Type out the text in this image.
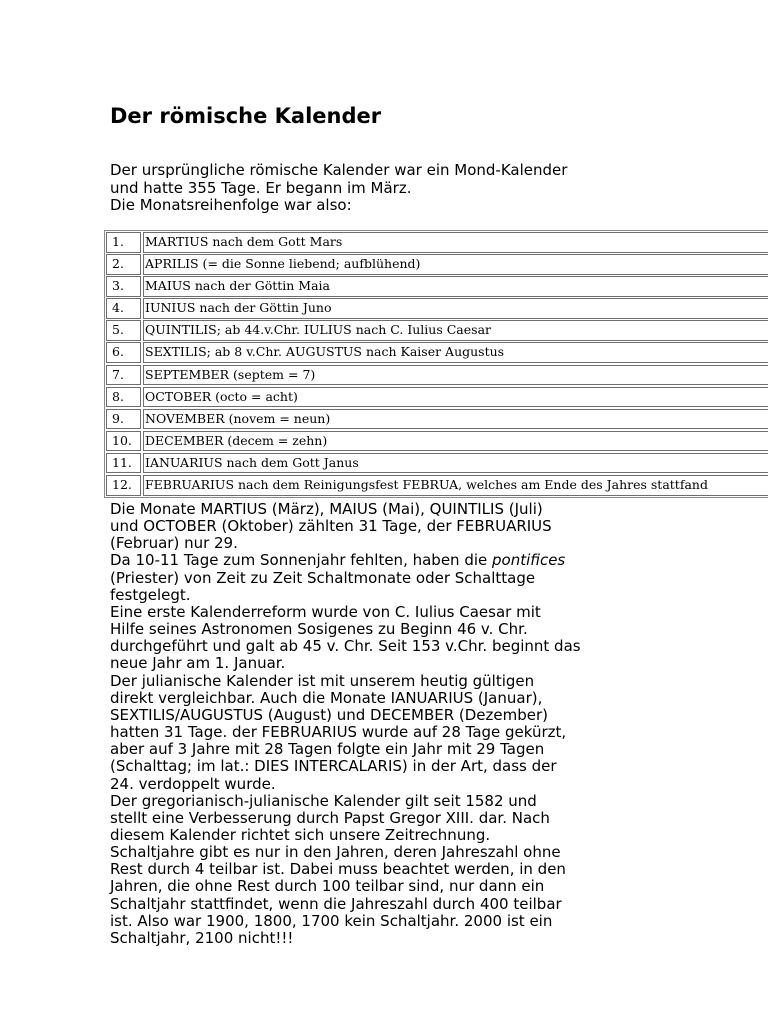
Der römische Kalender

Der ursprüngliche römische Kalender war ein Mond-Kalender
und hatte 355 Tage. Er begann im März.
Die Monatsreihenfolge war also:

1.	MARTIUS nach dem Gott Mars
2.	APRILIS (= die Sonne liebend; aufblühend)
3.	MAIUS nach der Göttin Maia
4.	IUNIUS nach der Göttin Juno
5.	QUINTILIS; ab 44.v.Chr. IULIUS nach C. Iulius Caesar
6.	SEXTILIS; ab 8 v.Chr. AUGUSTUS nach Kaiser Augustus
7.	SEPTEMBER (septem = 7)
8.	OCTOBER (octo = acht)
9.	NOVEMBER (novem = neun)
10.	DECEMBER (decem = zehn)
11.	IANUARIUS nach dem Gott Janus
12.	FEBRUARIUS nach dem Reinigungsfest FEBRUA, welches am Ende des Jahres stattfand

Die Monate MARTIUS (März), MAIUS (Mai), QUINTILIS (Juli)
und OCTOBER (Oktober) zählten 31 Tage, der FEBRUARIUS
(Februar) nur 29.
Da 10-11 Tage zum Sonnenjahr fehlten, haben die pontifices
(Priester) von Zeit zu Zeit Schaltmonate oder Schalttage
festgelegt.
Eine erste Kalenderreform wurde von C. Iulius Caesar mit
Hilfe seines Astronomen Sosigenes zu Beginn 46 v. Chr.
durchgeführt und galt ab 45 v. Chr. Seit 153 v.Chr. beginnt das
neue Jahr am 1. Januar.
Der julianische Kalender ist mit unserem heutig gültigen
direkt vergleichbar. Auch die Monate IANUARIUS (Januar),
SEXTILIS/AUGUSTUS (August) und DECEMBER (Dezember)
hatten 31 Tage. der FEBRUARIUS wurde auf 28 Tage gekürzt,
aber auf 3 Jahre mit 28 Tagen folgte ein Jahr mit 29 Tagen
(Schalttag; im lat.: DIES INTERCALARIS) in der Art, dass der
24. verdoppelt wurde.
Der gregorianisch-julianische Kalender gilt seit 1582 und
stellt eine Verbesserung durch Papst Gregor XIII. dar. Nach
diesem Kalender richtet sich unsere Zeitrechnung.
Schaltjahre gibt es nur in den Jahren, deren Jahreszahl ohne
Rest durch 4 teilbar ist. Dabei muss beachtet werden, in den
Jahren, die ohne Rest durch 100 teilbar sind, nur dann ein
Schaltjahr stattfindet, wenn die Jahreszahl durch 400 teilbar
ist. Also war 1900, 1800, 1700 kein Schaltjahr. 2000 ist ein
Schaltjahr, 2100 nicht!!!
